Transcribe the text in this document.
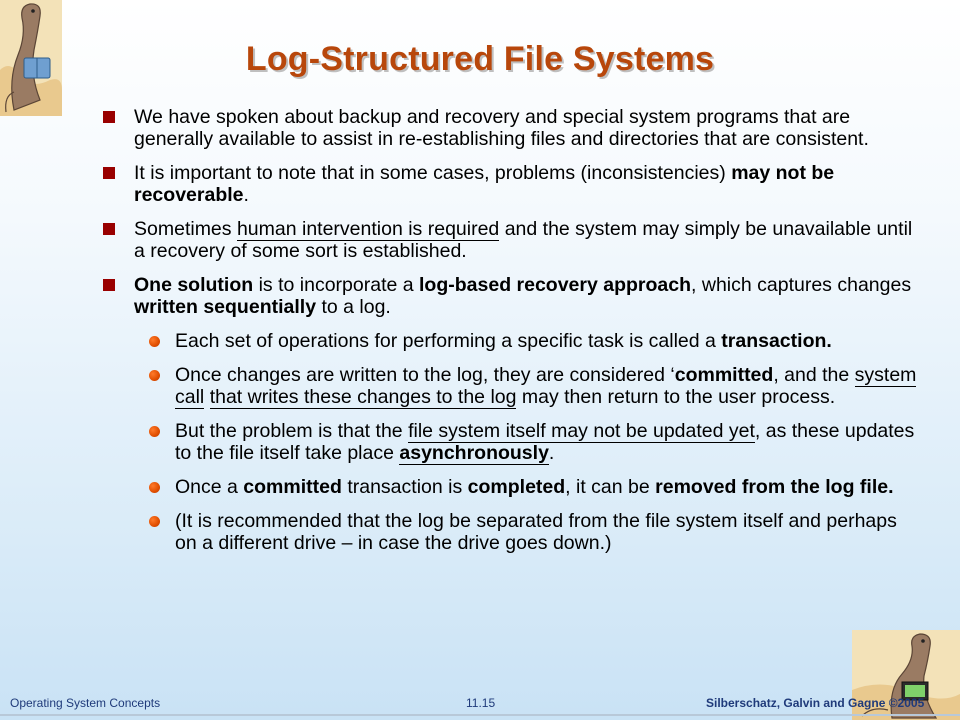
Log-Structured File Systems
We have spoken about backup and recovery and special system programs that are generally available to assist in re-establishing files and directories that are consistent.
It is important to note that in some cases, problems (inconsistencies) may not be recoverable.
Sometimes human intervention is required and the system may simply be unavailable until a recovery of some sort is established.
One solution is to incorporate a log-based recovery approach, which captures changes written sequentially to a log.
Each set of operations for performing a specific task is called a transaction.
Once changes are written to the log, they are considered ‘committed, and the system call that writes these changes to the log may then return to the user process.
But the problem is that the file system itself may not be updated yet, as these updates to the file itself take place asynchronously.
Once a committed transaction is completed, it can be removed from the log file.
(It is recommended that the log be separated from the file system itself and perhaps on a different drive – in case the drive goes down.)
Operating System Concepts	11.15	Silberschatz, Galvin and Gagne ©2005
